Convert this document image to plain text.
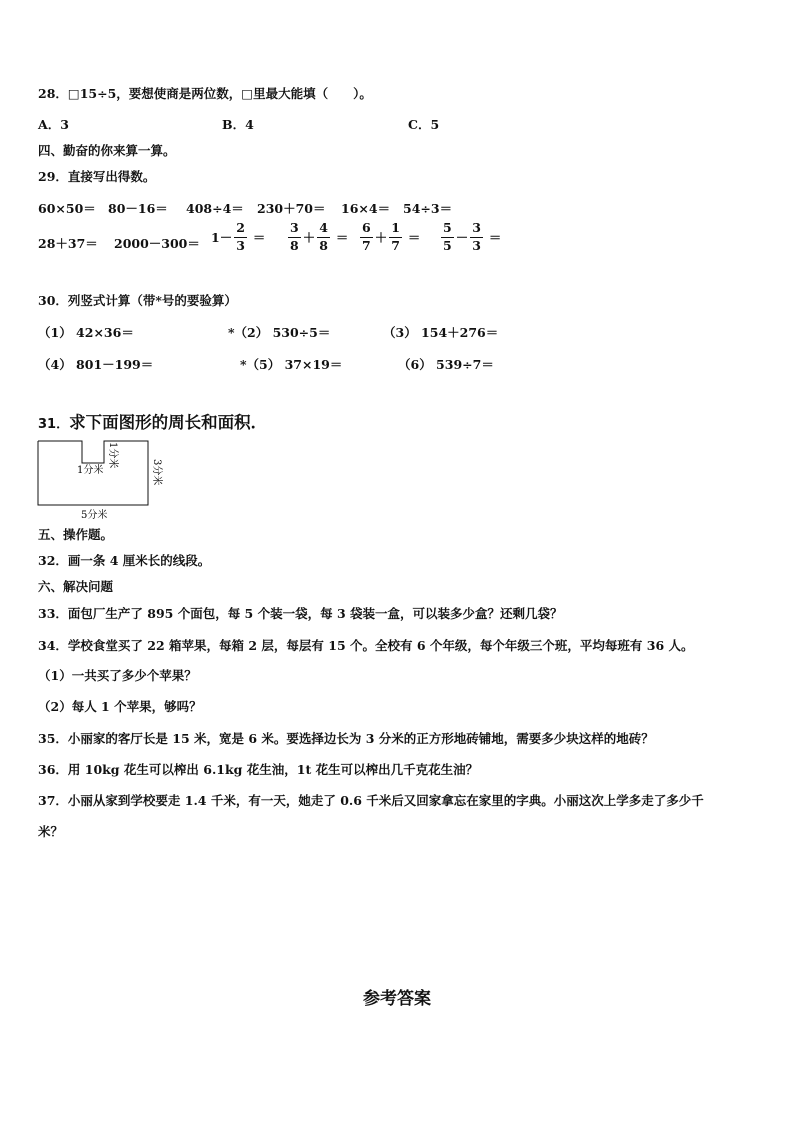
28．□15÷5，要想使商是两位数，□里最大能填（　　）。
A．3	B．4	C．5
四、勤奋的你来算一算。
29．直接写出得数。
60×50＝ 80－16＝ 408÷4＝ 230＋70＝ 16×4＝ 54÷3＝
$28+37= 2000-300= 1- \frac{2}{3} = \frac{3}{8} + \frac{4}{8} = \frac{6}{7} + \frac{1}{7} = \frac{5}{5} - \frac{3}{3}$ ＝
30．列竖式计算（带*号的要验算）
（1） 42×36＝	*（2） 530÷5＝	（3） 154＋276＝
（4） 801－199＝	*（5） 37×19＝	（6） 539÷7＝
31．求下面图形的周长和面积．
1分米
1分米
3分米
5分米
五、操作题。
32．画一条 4 厘米长的线段。
六、解决问题
33．面包厂生产了 895 个面包，每 5 个装一袋，每 3 袋装一盒，可以装多少盒？还剩几袋？
34．学校食堂买了 22 箱苹果，每箱 2 层，每层有 15 个。全校有 6 个年级，每个年级三个班，平均每班有 36 人。
（1）一共买了多少个苹果？
（2）每人 1 个苹果，够吗？
35．小丽家的客厅长是 15 米，宽是 6 米。要选择边长为 3 分米的正方形地砖铺地，需要多少块这样的地砖？
36．用 10kg 花生可以榨出 6.1kg 花生油，1t 花生可以榨出几千克花生油？
37．小丽从家到学校要走 1.4 千米，有一天，她走了 0.6 千米后又回家拿忘在家里的字典。小丽这次上学多走了多少千
米？
参考答案
